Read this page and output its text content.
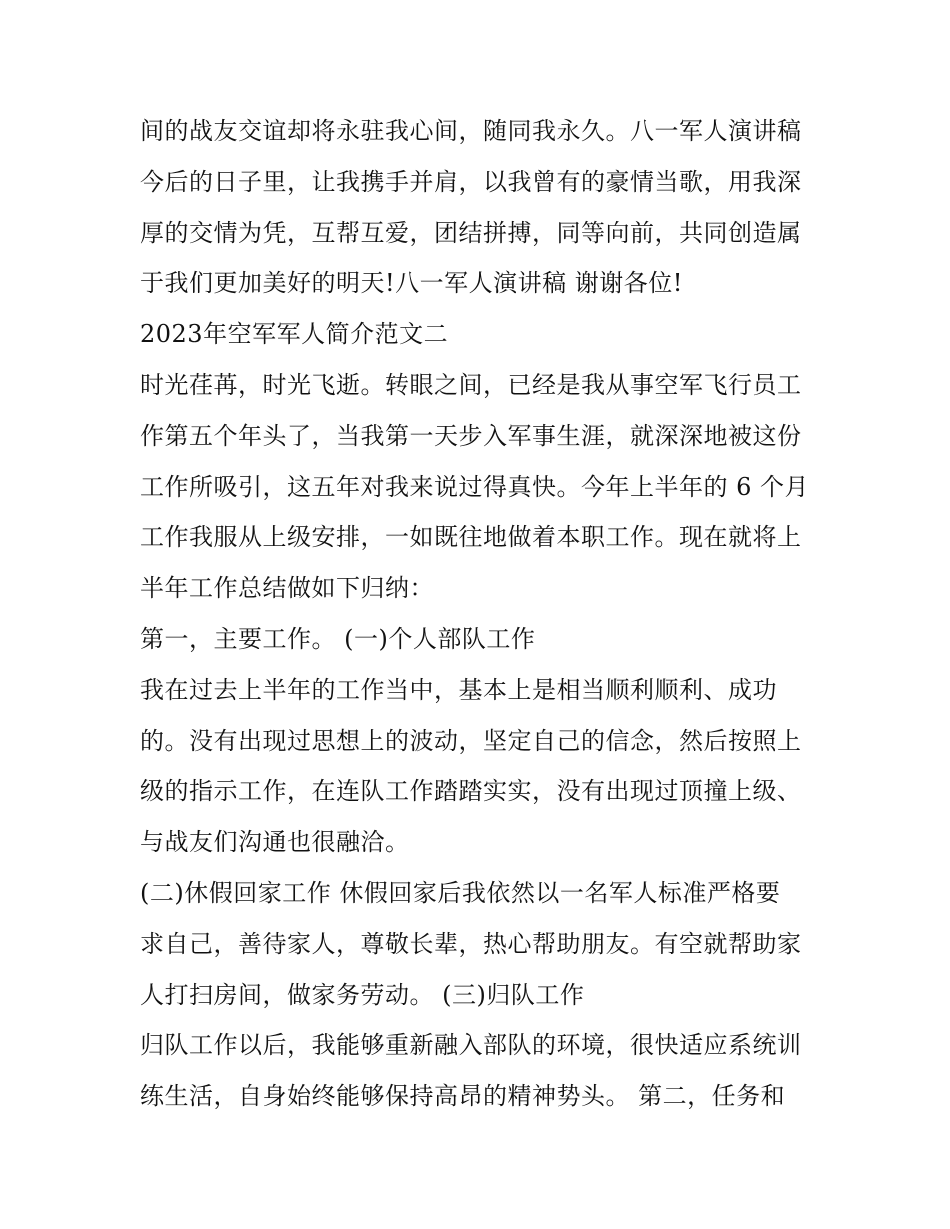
间的战友交谊却将永驻我心间，随同我永久。八一军人演讲稿
今后的日子里，让我携手并肩，以我曾有的豪情当歌，用我深
厚的交情为凭，互帮互爱，团结拼搏，同等向前，共同创造属
于我们更加美好的明天!八一军人演讲稿 谢谢各位!
2023年空军军人简介范文二
时光荏苒，时光飞逝。转眼之间，已经是我从事空军飞行员工
作第五个年头了，当我第一天步入军事生涯，就深深地被这份
工作所吸引，这五年对我来说过得真快。今年上半年的 6 个月
工作我服从上级安排，一如既往地做着本职工作。现在就将上
半年工作总结做如下归纳：
第一，主要工作。 (一)个人部队工作
我在过去上半年的工作当中，基本上是相当顺利顺利、成功
的。没有出现过思想上的波动，坚定自己的信念，然后按照上
级的指示工作，在连队工作踏踏实实，没有出现过顶撞上级、
与战友们沟通也很融洽。
(二)休假回家工作 休假回家后我依然以一名军人标准严格要
求自己，善待家人，尊敬长辈，热心帮助朋友。有空就帮助家
人打扫房间，做家务劳动。 (三)归队工作
归队工作以后，我能够重新融入部队的环境，很快适应系统训
练生活，自身始终能够保持高昂的精神势头。 第二，任务和
